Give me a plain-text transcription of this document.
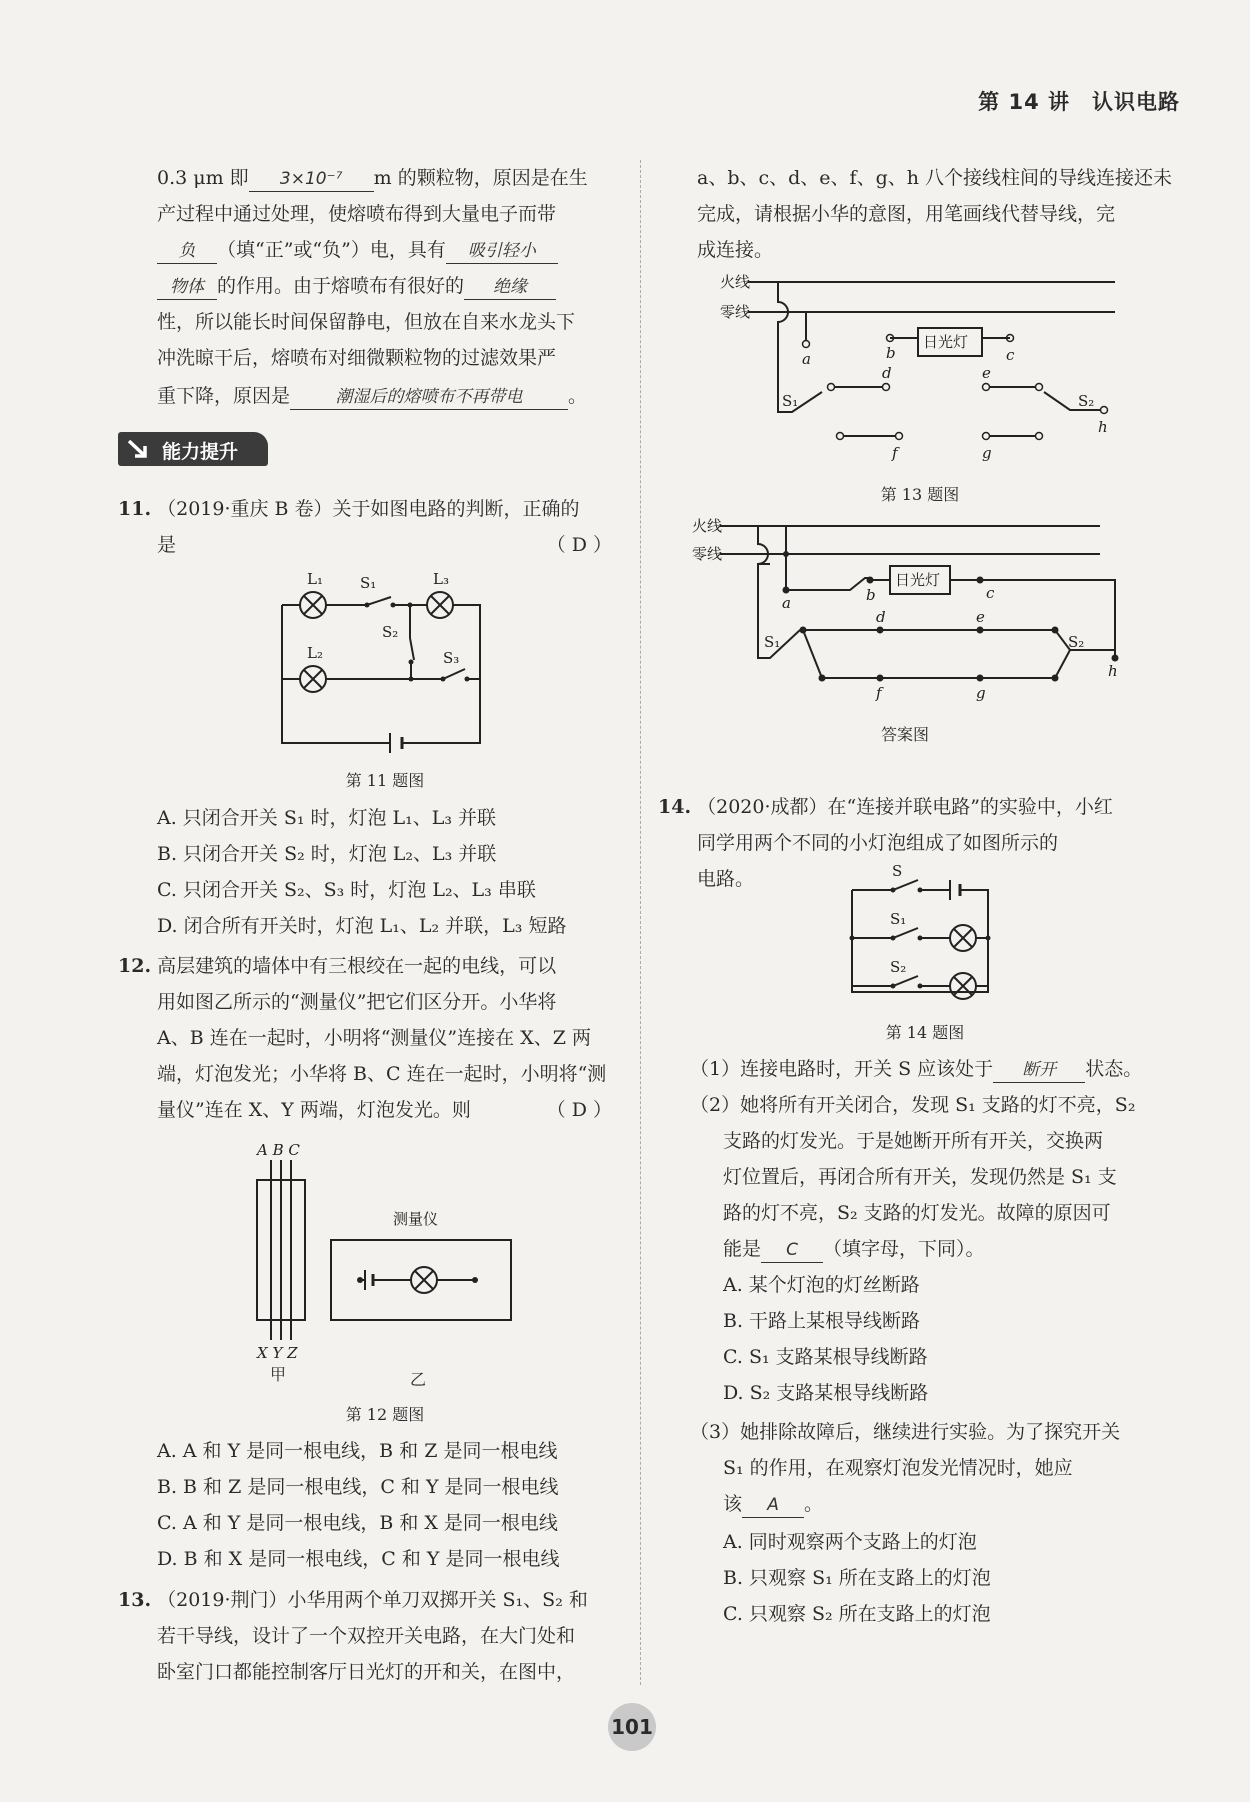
第 14 讲　认识电路
0.3 μm 即 3×10⁻⁷ m 的颗粒物，原因是在生
产过程中通过处理，使熔喷布得到大量电子而带
负 （填“正”或“负”）电，具有 吸引轻小
物体 的作用。由于熔喷布有很好的 绝缘
性，所以能长时间保留静电，但放在自来水龙头下
冲洗晾干后，熔喷布对细微颗粒物的过滤效果严
重下降，原因是	潮湿后的熔喷布不再带电 。
能力提升
11. （2019·重庆 B 卷）关于如图电路的判断，正确的
是	（ D ）
L₁ S₁	L₃
S₂
L₂	S₃
第 11 题图
A. 只闭合开关 S₁ 时，灯泡 L₁、L₃ 并联
B. 只闭合开关 S₂ 时，灯泡 L₂、L₃ 并联
C. 只闭合开关 S₂、S₃ 时，灯泡 L₂、L₃ 串联
D. 闭合所有开关时，灯泡 L₁、L₂ 并联，L₃ 短路
12. 高层建筑的墙体中有三根绞在一起的电线，可以
用如图乙所示的“测量仪”把它们区分开。小华将
A、B 连在一起时，小明将“测量仪”连接在 X、Z 两
端，灯泡发光；小华将 B、C 连在一起时，小明将“测
量仪”连在 X、Y 两端，灯泡发光。则	（ D ）
A B C
X Y Z
测量仪
甲	乙
第 12 题图
A. A 和 Y 是同一根电线，B 和 Z 是同一根电线
B. B 和 Z 是同一根电线，C 和 Y 是同一根电线
C. A 和 Y 是同一根电线，B 和 X 是同一根电线
D. B 和 X 是同一根电线，C 和 Y 是同一根电线
13. （2019·荆门）小华用两个单刀双掷开关 S₁、S₂ 和
若干导线，设计了一个双控开关电路，在大门处和
卧室门口都能控制客厅日光灯的开和关，在图中，
a、b、c、d、e、f、g、h 八个接线柱间的导线连接还未
完成，请根据小华的意图，用笔画线代替导线，完
成连接。
火线
零线
日光灯
a	b	c
d	e
f	g
h
S₁	S₂
第 13 题图
火线
零线
日光灯
a	b	c
d	e
f	g
h
S₁	S₂
答案图
14. （2020·成都）在“连接并联电路”的实验中，小红
同学用两个不同的小灯泡组成了如图所示的
电路。	S
S₁
S₂
第 14 题图
（1）连接电路时，开关 S 应该处于 断开 状态。
（2）她将所有开关闭合，发现 S₁ 支路的灯不亮，S₂
支路的灯发光。于是她断开所有开关，交换两
灯位置后，再闭合所有开关，发现仍然是 S₁ 支
路的灯不亮，S₂ 支路的灯发光。故障的原因可
能是 C （填字母，下同）。
A. 某个灯泡的灯丝断路
B. 干路上某根导线断路
C. S₁ 支路某根导线断路
D. S₂ 支路某根导线断路
（3）她排除故障后，继续进行实验。为了探究开关
S₁ 的作用，在观察灯泡发光情况时，她应
该 A 。
A. 同时观察两个支路上的灯泡
B. 只观察 S₁ 所在支路上的灯泡
C. 只观察 S₂ 所在支路上的灯泡
101
